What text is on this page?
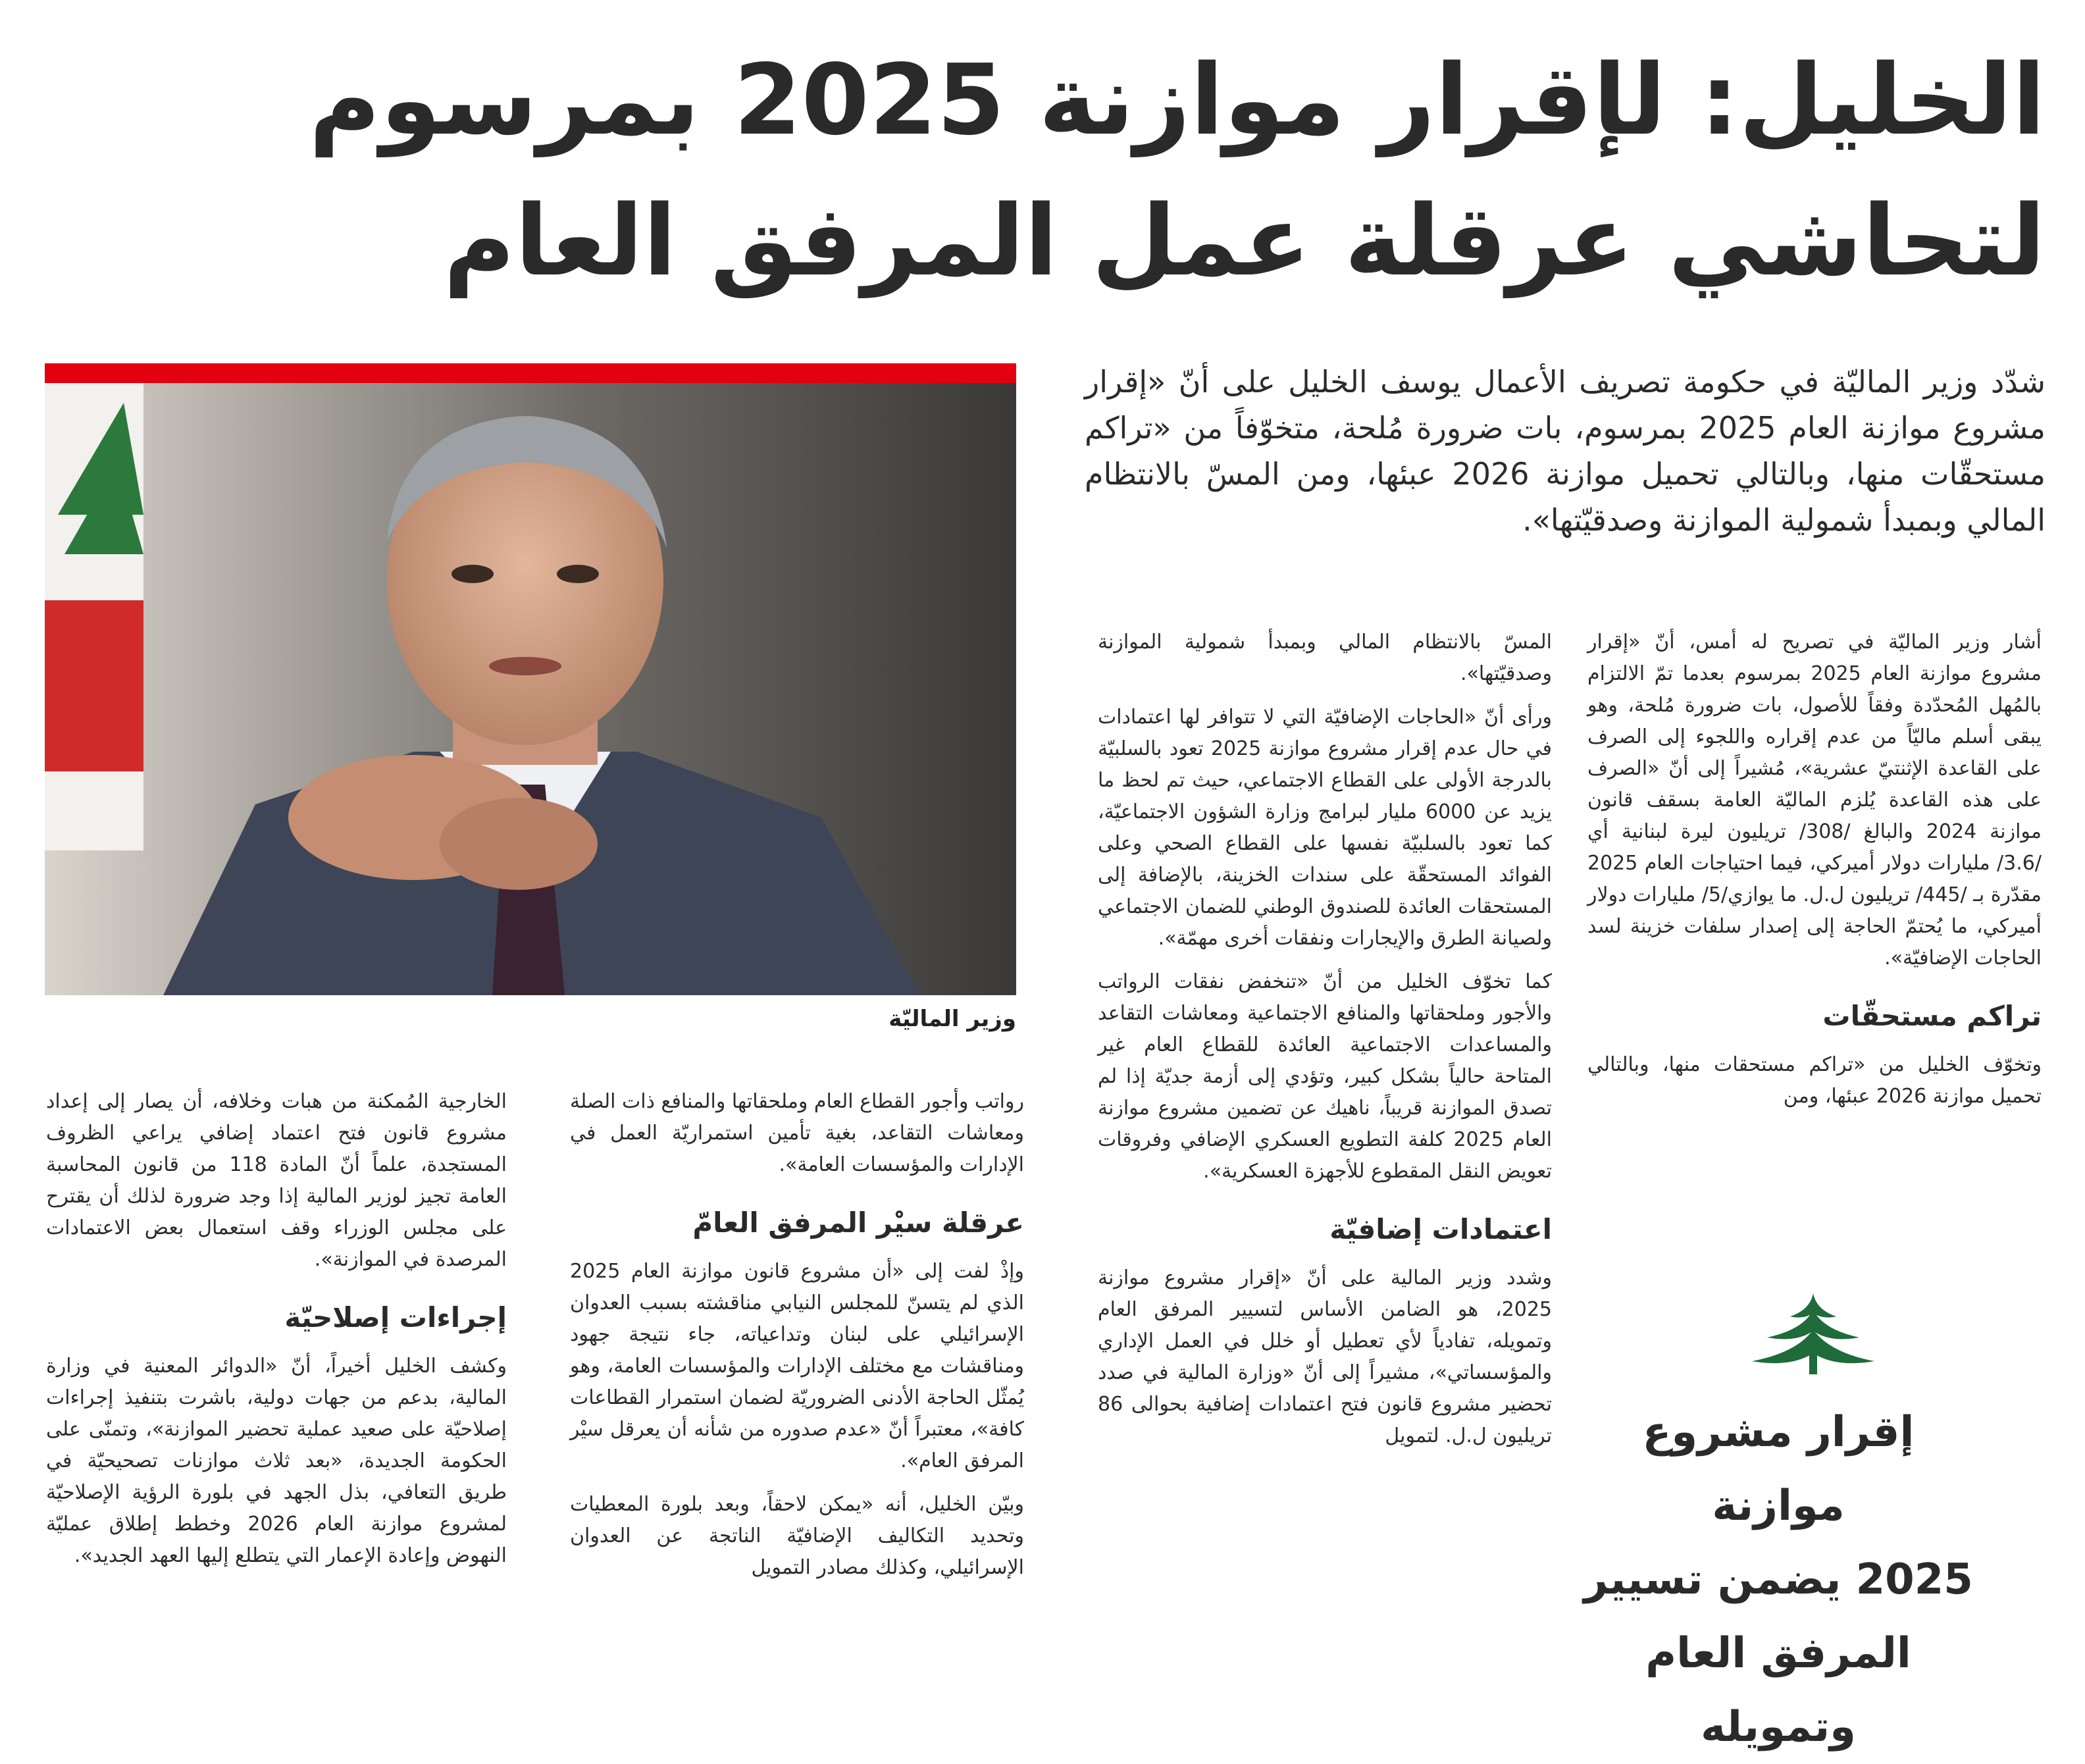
الخليل: لإقرار موازنة 2025 بمرسوم
لتحاشي عرقلة عمل المرفق العام
شدّد وزير الماليّة في حكومة تصريف الأعمال يوسف الخليل على أنّ «إقرار مشروع موازنة العام 2025 بمرسوم، بات ضرورة مُلحة، متخوّفاً من «تراكم مستحقّات منها، وبالتالي تحميل موازنة 2026 عبئها، ومن المسّ بالانتظام المالي وبمبدأ شمولية الموازنة وصدقيّتها».
وزير الماليّة

أشار وزير الماليّة في تصريح له أمس، أنّ «إقرار مشروع موازنة العام 2025 بمرسوم بعدما تمّ الالتزام بالمُهل المُحدّدة وفقاً للأصول، بات ضرورة مُلحة، وهو يبقى أسلم ماليّاً من عدم إقراره واللجوء إلى الصرف على القاعدة الإثنتيّ عشرية»، مُشيراً إلى أنّ «الصرف على هذه القاعدة يُلزم الماليّة العامة بسقف قانون موازنة 2024 والبالغ /308/ تريليون ليرة لبنانية أي /3.6/ مليارات دولار أميركي، فيما احتياجات العام 2025 مقدّرة بـ /445/ تريليون ل.ل. ما يوازي/5/ مليارات دولار أميركي، ما يُحتمّ الحاجة إلى إصدار سلفات خزينة لسد الحاجات الإضافيّة».

تراكم مستحقّات

وتخوّف الخليل من «تراكم مستحقات منها، وبالتالي تحميل موازنة 2026 عبئها، ومن

إقرار مشروع موازنة
2025 يضمن تسيير
المرفق العام
وتمويله

المسّ بالانتظام المالي وبمبدأ شمولية الموازنة وصدقيّتها».

ورأى أنّ «الحاجات الإضافيّة التي لا تتوافر لها اعتمادات في حال عدم إقرار مشروع موازنة 2025 تعود بالسلبيّة بالدرجة الأولى على القطاع الاجتماعي، حيث تم لحظ ما يزيد عن 6000 مليار لبرامج وزارة الشؤون الاجتماعيّة، كما تعود بالسلبيّة نفسها على القطاع الصحي وعلى الفوائد المستحقّة على سندات الخزينة، بالإضافة إلى المستحقات العائدة للصندوق الوطني للضمان الاجتماعي ولصيانة الطرق والإيجارات ونفقات أخرى مهمّة».

كما تخوّف الخليل من أنّ «تنخفض نفقات الرواتب والأجور وملحقاتها والمنافع الاجتماعية ومعاشات التقاعد والمساعدات الاجتماعية العائدة للقطاع العام غير المتاحة حالياً بشكل كبير، وتؤدي إلى أزمة جديّة إذا لم تصدق الموازنة قريباً، ناهيك عن تضمين مشروع موازنة العام 2025 كلفة التطويع العسكري الإضافي وفروقات تعويض النقل المقطوع للأجهزة العسكرية».

اعتمادات إضافيّة

وشدد وزير المالية على أنّ «إقرار مشروع موازنة 2025، هو الضامن الأساس لتسيير المرفق العام وتمويله، تفادياً لأي تعطيل أو خلل في العمل الإداري والمؤسساتي»، مشيراً إلى أنّ «وزارة المالية في صدد تحضير مشروع قانون فتح اعتمادات إضافية بحوالى 86 تريليون ل.ل. لتمويل

رواتب وأجور القطاع العام وملحقاتها والمنافع ذات الصلة ومعاشات التقاعد، بغية تأمين استمراريّة العمل في الإدارات والمؤسسات العامة».

عرقلة سيْر المرفق العامّ

وإذْ لفت إلى «أن مشروع قانون موازنة العام 2025 الذي لم يتسنّ للمجلس النيابي مناقشته بسبب العدوان الإسرائيلي على لبنان وتداعياته، جاء نتيجة جهود ومناقشات مع مختلف الإدارات والمؤسسات العامة، وهو يُمثّل الحاجة الأدنى الضروريّة لضمان استمرار القطاعات كافة»، معتبراً أنّ «عدم صدوره من شأنه أن يعرقل سيْر المرفق العام».

وبيّن الخليل، أنه «يمكن لاحقاً، وبعد بلورة المعطيات وتحديد التكاليف الإضافيّة الناتجة عن العدوان الإسرائيلي، وكذلك مصادر التمويل

الخارجية المُمكنة من هبات وخلافه، أن يصار إلى إعداد مشروع قانون فتح اعتماد إضافي يراعي الظروف المستجدة، علماً أنّ المادة 118 من قانون المحاسبة العامة تجيز لوزير المالية إذا وجد ضرورة لذلك أن يقترح على مجلس الوزراء وقف استعمال بعض الاعتمادات المرصدة في الموازنة».

إجراءات إصلاحيّة

وكشف الخليل أخيراً، أنّ «الدوائر المعنية في وزارة المالية، بدعم من جهات دولية، باشرت بتنفيذ إجراءات إصلاحيّة على صعيد عملية تحضير الموازنة»، وتمنّى على الحكومة الجديدة، «بعد ثلاث موازنات تصحيحيّة في طريق التعافي، بذل الجهد في بلورة الرؤية الإصلاحيّة لمشروع موازنة العام 2026 وخطط إطلاق عمليّة النهوض وإعادة الإعمار التي يتطلع إليها العهد الجديد».
